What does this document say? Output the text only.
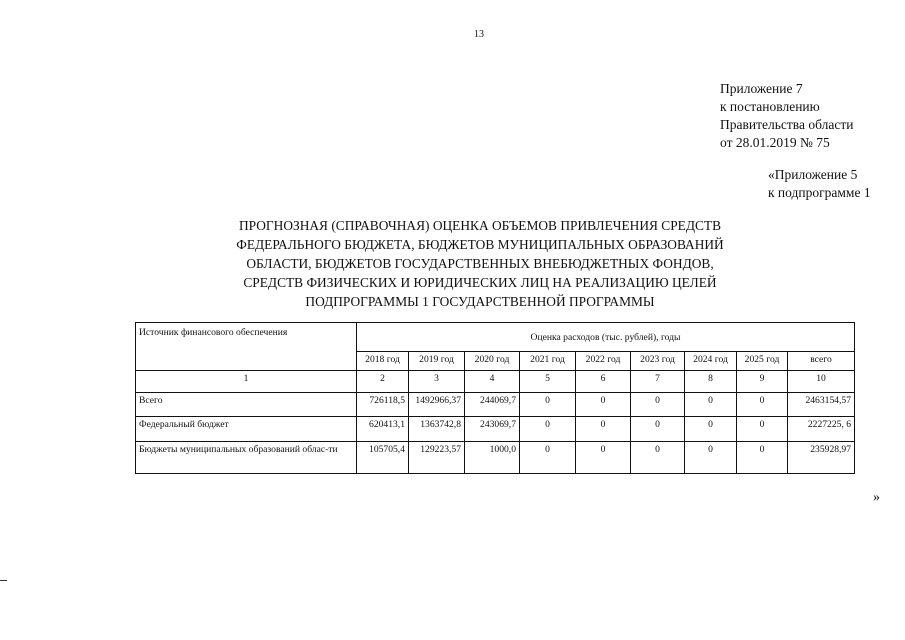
13
Приложение 7
к постановлению
Правительства области
от 28.01.2019 № 75
«Приложение 5
к подпрограмме 1
ПРОГНОЗНАЯ (СПРАВОЧНАЯ) ОЦЕНКА ОБЪЕМОВ ПРИВЛЕЧЕНИЯ СРЕДСТВ
ФЕДЕРАЛЬНОГО БЮДЖЕТА, БЮДЖЕТОВ МУНИЦИПАЛЬНЫХ ОБРАЗОВАНИЙ
ОБЛАСТИ, БЮДЖЕТОВ ГОСУДАРСТВЕННЫХ ВНЕБЮДЖЕТНЫХ ФОНДОВ,
СРЕДСТВ ФИЗИЧЕСКИХ И ЮРИДИЧЕСКИХ ЛИЦ НА РЕАЛИЗАЦИЮ ЦЕЛЕЙ
ПОДПРОГРАММЫ 1 ГОСУДАРСТВЕННОЙ ПРОГРАММЫ
Источник финансового обеспечения	Оценка расходов (тыс. рублей), годы								
	2018 год	2019 год	2020 год	2021 год	2022 год	2023 год	2024 год	2025 год	всего
1	2	3	4	5	6	7	8	9	10
Всего	726118,5	1492966,37	244069,7	0	0	0	0	0	2463154,57
Федеральный бюджет	620413,1	1363742,8	243069,7	0	0	0	0	0	2227225, 6
Бюджеты муниципальных образований облас-ти	105705,4	129223,57	1000,0	0	0	0	0	0	235928,97
»
